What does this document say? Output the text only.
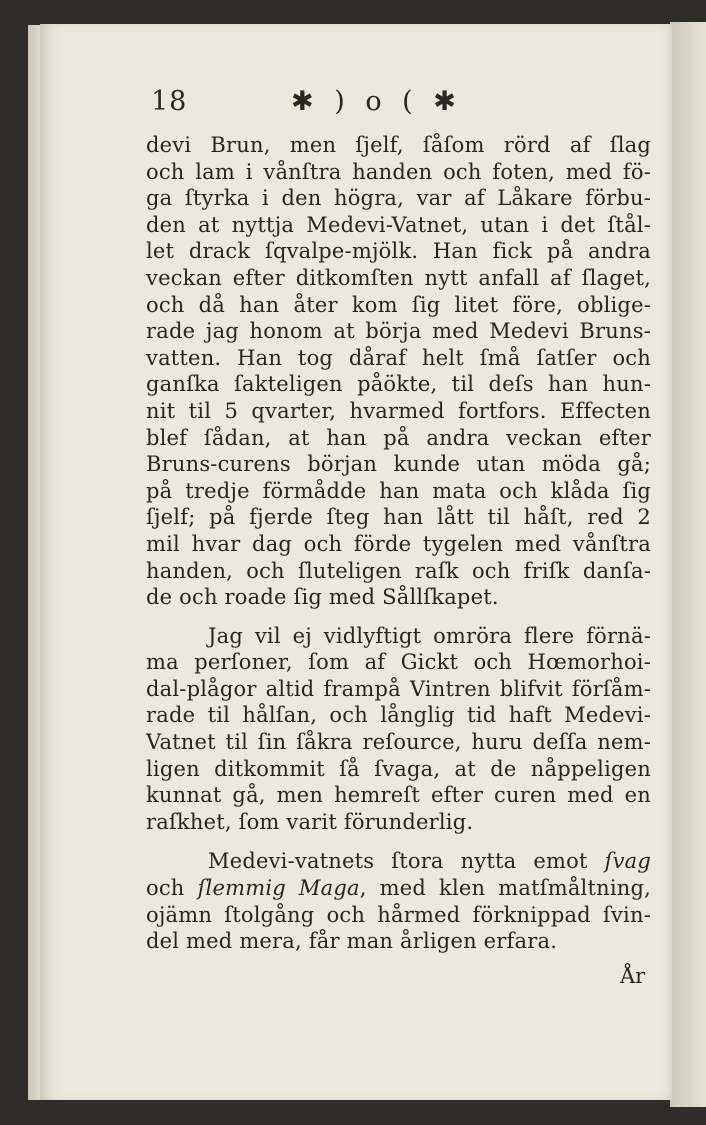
18	✱ ) o ( ✱
devi Brun, men ſjelf, ſåſom rörd af ſlag
och lam i vånſtra handen och foten, med fö-
ga ſtyrka i den högra, var af Låkare förbu-
den at nyttja Medevi-Vatnet, utan i det ſtål-
let drack ſqvalpe-mjölk. Han fick på andra
veckan efter ditkomſten nytt anfall af ſlaget,
och då han åter kom ſig litet före, oblige-
rade jag honom at börja med Medevi Bruns-
vatten. Han tog dåraf helt ſmå ſatſer och
ganſka ſakteligen påökte, til deſs han hun-
nit til 5 qvarter, hvarmed fortfors. Effecten
blef ſådan, at han på andra veckan efter
Bruns-curens början kunde utan möda gå;
på tredje förmådde han mata och klåda ſig
ſjelf; på fjerde ſteg han lått til håſt, red 2
mil hvar dag och förde tygelen med vånſtra
handen, och ſluteligen raſk och friſk danſa-
de och roade ſig med Sållſkapet.
Jag vil ej vidlyftigt omröra flere förnä-
ma perſoner, ſom af Gickt och Hœmorhoi-
dal-plågor altid frampå Vintren blifvit förſåm-
rade til hålſan, och långlig tid haft Medevi-
Vatnet til ſin ſåkra reſource, huru deſſa nem-
ligen ditkommit ſå ſvaga, at de nåppeligen
kunnat gå, men hemreſt efter curen med en
raſkhet, ſom varit förunderlig.
Medevi-vatnets ſtora nytta emot ſvag
och ſlemmig Maga, med klen matſmåltning,
ojämn ſtolgång och hårmed förknippad ſvin-
del med mera, får man årligen erfara.
År
